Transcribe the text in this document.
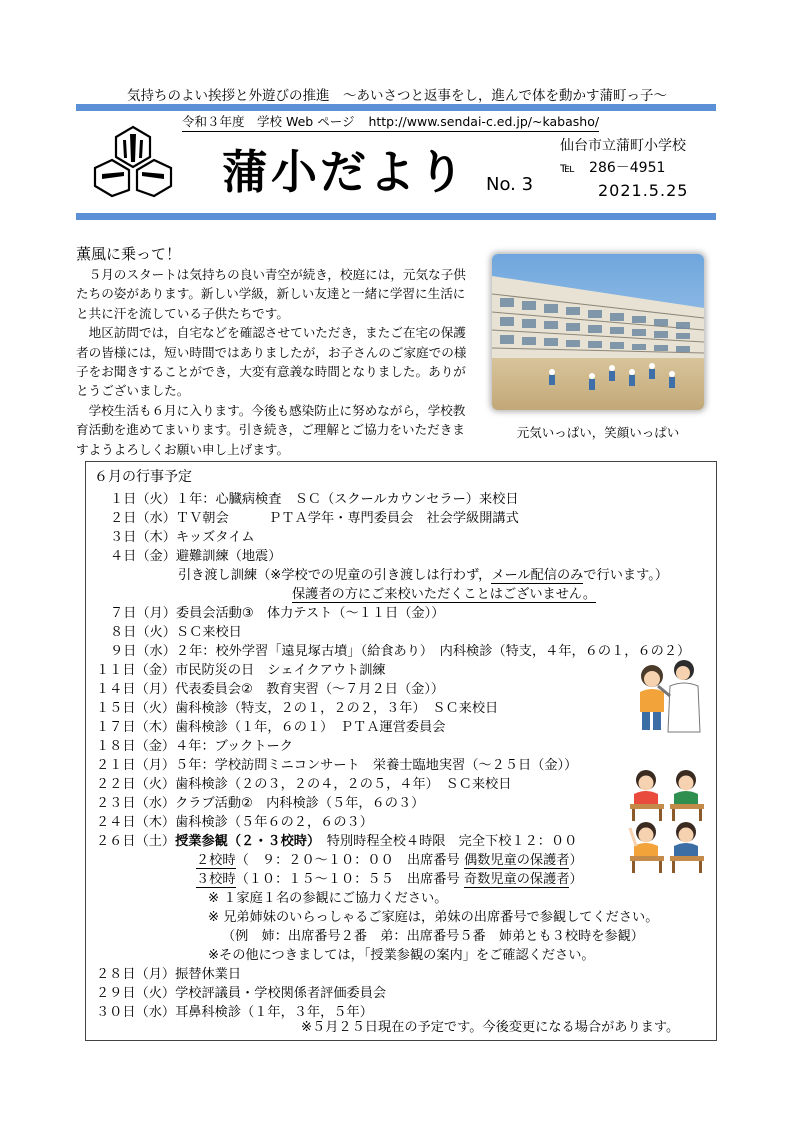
気持ちのよい挨拶と外遊びの推進　～あいさつと返事をし，進んで体を動かす蒲町っ子～
令和３年度　学校 Web ページ http://www.sendai-c.ed.jp/~kabasho/
蒲小だより No. 3
仙台市立蒲町小学校
℡　286－4951
2021.5.25
薫風に乗って！

５月のスタートは気持ちの良い青空が続き，校庭には，元気な子供たちの姿があります。新しい学級，新しい友達と一緒に学習に生活にと共に汗を流している子供たちです。

地区訪問では，自宅などを確認させていただき，またご在宅の保護者の皆様には，短い時間ではありましたが，お子さんのご家庭での様子をお聞きすることができ，大変有意義な時間となりました。ありがとうございました。

学校生活も６月に入ります。今後も感染防止に努めながら，学校教育活動を進めてまいります。引き続き，ご理解とご協力をいただきますようよろしくお願い申し上げます。

元気いっぱい，笑顔いっぱい
６月の行事予定
１日（火）１年：心臓病検査　ＳＣ（スクールカウンセラー）来校日
２日（水）ＴＶ朝会　　　ＰＴＡ学年・専門委員会　社会学級開講式
３日（木）キッズタイム
４日（金）避難訓練（地震）
引き渡し訓練（※学校での児童の引き渡しは行わず，メール配信のみで行います。）
保護者の方にご来校いただくことはございません。
７日（月）委員会活動③　体力テスト（～１１日（金））
８日（火）ＳＣ来校日
９日（水）２年：校外学習「遠見塚古墳」（給食あり）　内科検診（特支，４年，６の１，６の２）
１１日（金）市民防災の日　シェイクアウト訓練
１４日（月）代表委員会②　教育実習（～７月２日（金））
１５日（火）歯科検診（特支，２の１，２の２，３年）　ＳＣ来校日
１７日（木）歯科検診（１年，６の１）　ＰＴＡ運営委員会
１８日（金）４年：ブックトーク
２１日（月）５年：学校訪問ミニコンサート　栄養士臨地実習（～２５日（金））
２２日（火）歯科検診（２の３，２の４，２の５，４年）　ＳＣ来校日
２３日（水）クラブ活動②　内科検診（５年，６の３）
２４日（木）歯科検診（５年６の２，６の３）
２６日（土）授業参観（２・３校時）　特別時程全校４時限　完全下校１２：００
２校時（　９：２０～１０：００　出席番号 偶数児童の保護者）
３校時（１０：１５～１０：５５　出席番号 奇数児童の保護者）
※ １家庭１名の参観にご協力ください。
※ 兄弟姉妹のいらっしゃるご家庭は，弟妹の出席番号で参観してください。
（例　姉：出席番号２番　弟：出席番号５番　姉弟とも３校時を参観）
※その他につきましては，「授業参観の案内」をご確認ください。
２８日（月）振替休業日
２９日（火）学校評議員・学校関係者評価委員会
３０日（水）耳鼻科検診（１年，３年，５年）
※５月２５日現在の予定です。今後変更になる場合があります。
